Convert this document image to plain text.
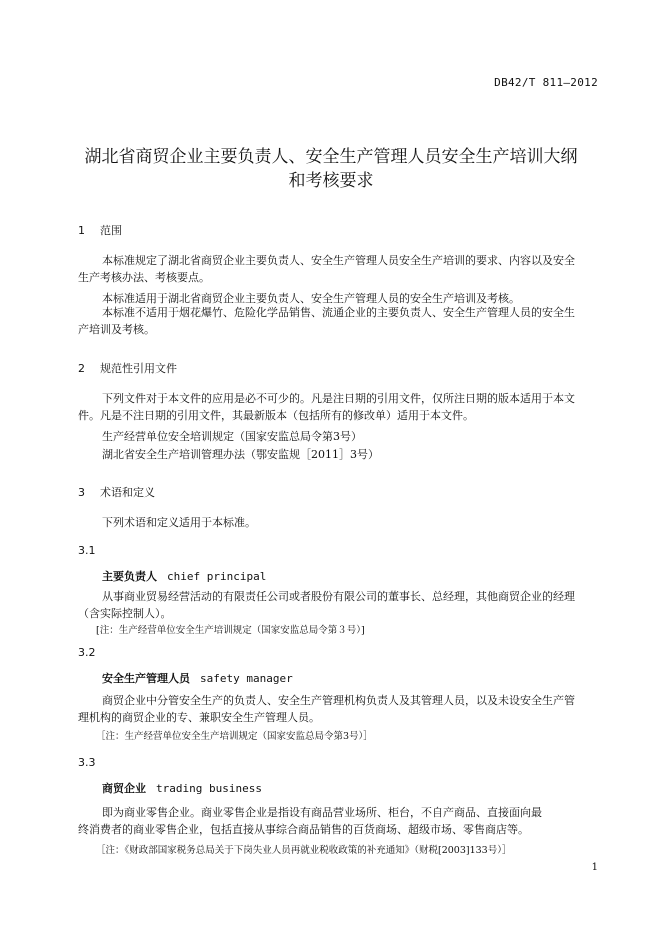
DB42/T 811—2012
湖北省商贸企业主要负责人、安全生产管理人员安全生产培训大纲
和考核要求
1 范围
本标准规定了湖北省商贸企业主要负责人、安全生产管理人员安全生产培训的要求、内容以及安全
生产考核办法、考核要点。
本标准适用于湖北省商贸企业主要负责人、安全生产管理人员的安全生产培训及考核。
本标准不适用于烟花爆竹、危险化学品销售、流通企业的主要负责人、安全生产管理人员的安全生
产培训及考核。
2 规范性引用文件
下列文件对于本文件的应用是必不可少的。凡是注日期的引用文件，仅所注日期的版本适用于本文
件。凡是不注日期的引用文件，其最新版本（包括所有的修改单）适用于本文件。
生产经营单位安全培训规定（国家安监总局令第3号）
湖北省安全生产培训管理办法（鄂安监规［2011］3号）
3 术语和定义
下列术语和定义适用于本标准。
3.1
主要负责人 chief principal
从事商业贸易经营活动的有限责任公司或者股份有限公司的董事长、总经理，其他商贸企业的经理
（含实际控制人）。
[注：生产经营单位安全生产培训规定（国家安监总局令第３号）]
3.2
安全生产管理人员 safety manager
商贸企业中分管安全生产的负责人、安全生产管理机构负责人及其管理人员，以及未设安全生产管
理机构的商贸企业的专、兼职安全生产管理人员。
［注：生产经营单位安全生产培训规定（国家安监总局令第3号）］
3.3
商贸企业 trading business
即为商业零售企业。商业零售企业是指设有商品营业场所、柜台，不自产商品、直接面向最
终消费者的商业零售企业，包括直接从事综合商品销售的百货商场、超级市场、零售商店等。
［注：《财政部国家税务总局关于下岗失业人员再就业税收政策的补充通知》（财税[2003]133号）］
1
